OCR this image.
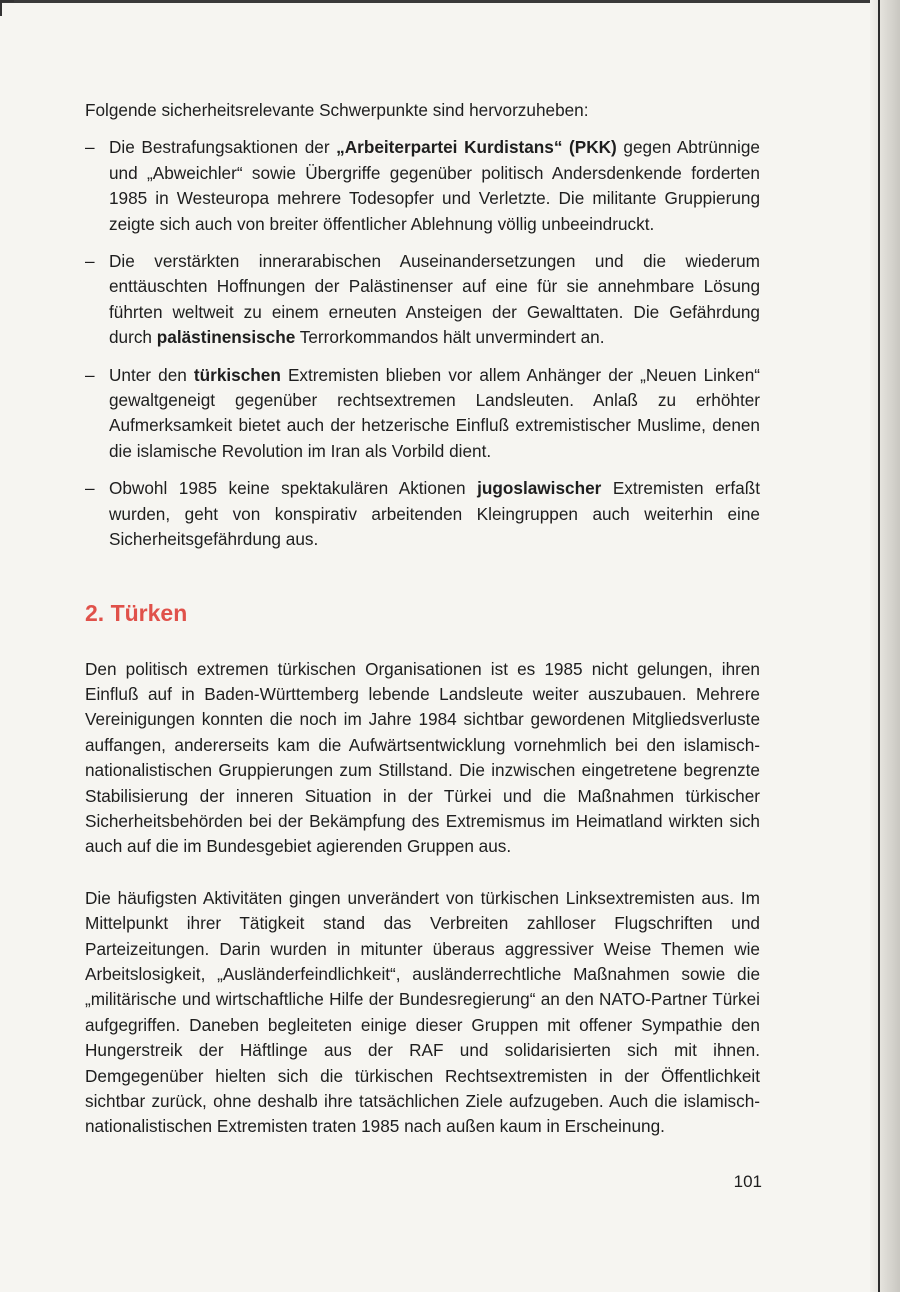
Folgende sicherheitsrelevante Schwerpunkte sind hervorzuheben:

– Die Bestrafungsaktionen der „Arbeiterpartei Kurdistans“ (PKK) gegen Abtrünnige und „Abweichler“ sowie Übergriffe gegenüber politisch Andersdenkende forderten 1985 in Westeuropa mehrere Todesopfer und Verletzte. Die militante Gruppierung zeigte sich auch von breiter öffentlicher Ablehnung völlig unbeeindruckt.
– Die verstärkten innerarabischen Auseinandersetzungen und die wiederum enttäuschten Hoffnungen der Palästinenser auf eine für sie annehmbare Lösung führten weltweit zu einem erneuten Ansteigen der Gewalttaten. Die Gefährdung durch palästinensische Terrorkommandos hält unvermindert an.
– Unter den türkischen Extremisten blieben vor allem Anhänger der „Neuen Linken“ gewaltgeneigt gegenüber rechtsextremen Landsleuten. Anlaß zu erhöhter Aufmerksamkeit bietet auch der hetzerische Einfluß extremistischer Muslime, denen die islamische Revolution im Iran als Vorbild dient.
– Obwohl 1985 keine spektakulären Aktionen jugoslawischer Extremisten erfaßt wurden, geht von konspirativ arbeitenden Kleingruppen auch weiterhin eine Sicherheitsgefährdung aus.
2. Türken

Den politisch extremen türkischen Organisationen ist es 1985 nicht gelungen, ihren Einfluß auf in Baden-Württemberg lebende Landsleute weiter auszubauen. Mehrere Vereinigungen konnten die noch im Jahre 1984 sichtbar gewordenen Mitgliedsverluste auffangen, andererseits kam die Aufwärtsentwicklung vornehmlich bei den islamisch-nationalistischen Gruppierungen zum Stillstand. Die inzwischen eingetretene begrenzte Stabilisierung der inneren Situation in der Türkei und die Maßnahmen türkischer Sicherheitsbehörden bei der Bekämpfung des Extremismus im Heimatland wirkten sich auch auf die im Bundesgebiet agierenden Gruppen aus.

Die häufigsten Aktivitäten gingen unverändert von türkischen Linksextremisten aus. Im Mittelpunkt ihrer Tätigkeit stand das Verbreiten zahlloser Flugschriften und Parteizeitungen. Darin wurden in mitunter überaus aggressiver Weise Themen wie Arbeitslosigkeit, „Ausländerfeindlichkeit“, ausländerrechtliche Maßnahmen sowie die „militärische und wirtschaftliche Hilfe der Bundesregierung“ an den NATO-Partner Türkei aufgegriffen. Daneben begleiteten einige dieser Gruppen mit offener Sympathie den Hungerstreik der Häftlinge aus der RAF und solidarisierten sich mit ihnen. Demgegenüber hielten sich die türkischen Rechtsextremisten in der Öffentlichkeit sichtbar zurück, ohne deshalb ihre tatsächlichen Ziele aufzugeben. Auch die islamisch-nationalistischen Extremisten traten 1985 nach außen kaum in Erscheinung.

101
